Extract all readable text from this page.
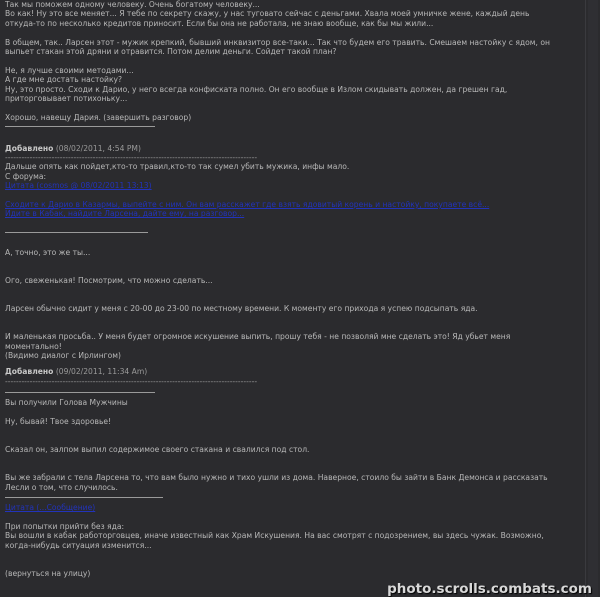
Так мы поможем одному человеку. Очень богатому человеку...
Во как! Ну это все меняет... Я тебе по секрету скажу, у нас туговато сейчас с деньгами. Хвала моей умничке жене, каждый день
откуда-то по несколько кредитов приносит. Если бы она не работала, не знаю вообще, как бы мы жили...
В общем, так.. Ларсен этот - мужик крепкий, бывший инквизитор все-таки... Так что будем его травить. Смешаем настойку с ядом, он
выпьет стакан этой дряни и отравится. Потом делим деньги. Сойдет такой план?
Не, я лучше своими методами...
А где мне достать настойку?
Ну, это просто. Сходи к Дарио, у него всегда конфиската полно. Он его вообще в Излом скидывать должен, да грешен гад,
приторговывает потихоньку...
Хорошо, навещу Дария. (завершить разговор)
Добавлено (08/02/2011, 4:54 PM)
--------------------------------------------------------------------------------------------
Дальше опять как пойдет,кто-то травил,кто-то так сумел убить мужика, инфы мало.
С форума:
Цитата (cosmos @ 08/02/2011 13:13)
Сходите к Дарио в Казармы, выпейте с ним. Он вам расскажет где взять ядовитый корень и настойку, покупаете всё...
Идите в Кабак, найдите Ларсена, дайте ему, на разговор...
А, точно, это же ты...
Ого, свеженькая! Посмотрим, что можно сделать...
Ларсен обычно сидит у меня с 20-00 до 23-00 по местному времени. К моменту его прихода я успею подсыпать яда.
И маленькая просьба.. У меня будет огромное искушение выпить, прошу тебя - не позволяй мне сделать это! Яд убьет меня
моментально!
(Видимо диалог с Ирлингом)
Добавлено (09/02/2011, 11:34 Am)
--------------------------------------------------------------------------------------------
Вы получили Голова Мужчины
Ну, бывай! Твое здоровье!
Сказал он, залпом выпил содержимое своего стакана и свалился под стол.
Вы же забрали с тела Ларсена то, что вам было нужно и тихо ушли из дома. Наверное, стоило бы зайти в Банк Демонса и рассказать
Лесли о том, что случилось.
Цитата (...Сообщение)
При попытки прийти без яда:
Вы вошли в кабак работорговцев, иначе известный как Храм Искушения. На вас смотрят с подозрением, вы здесь чужак. Возможно,
когда-нибудь ситуация изменится...
(вернуться на улицу)
photo.scrolls.combats.com
